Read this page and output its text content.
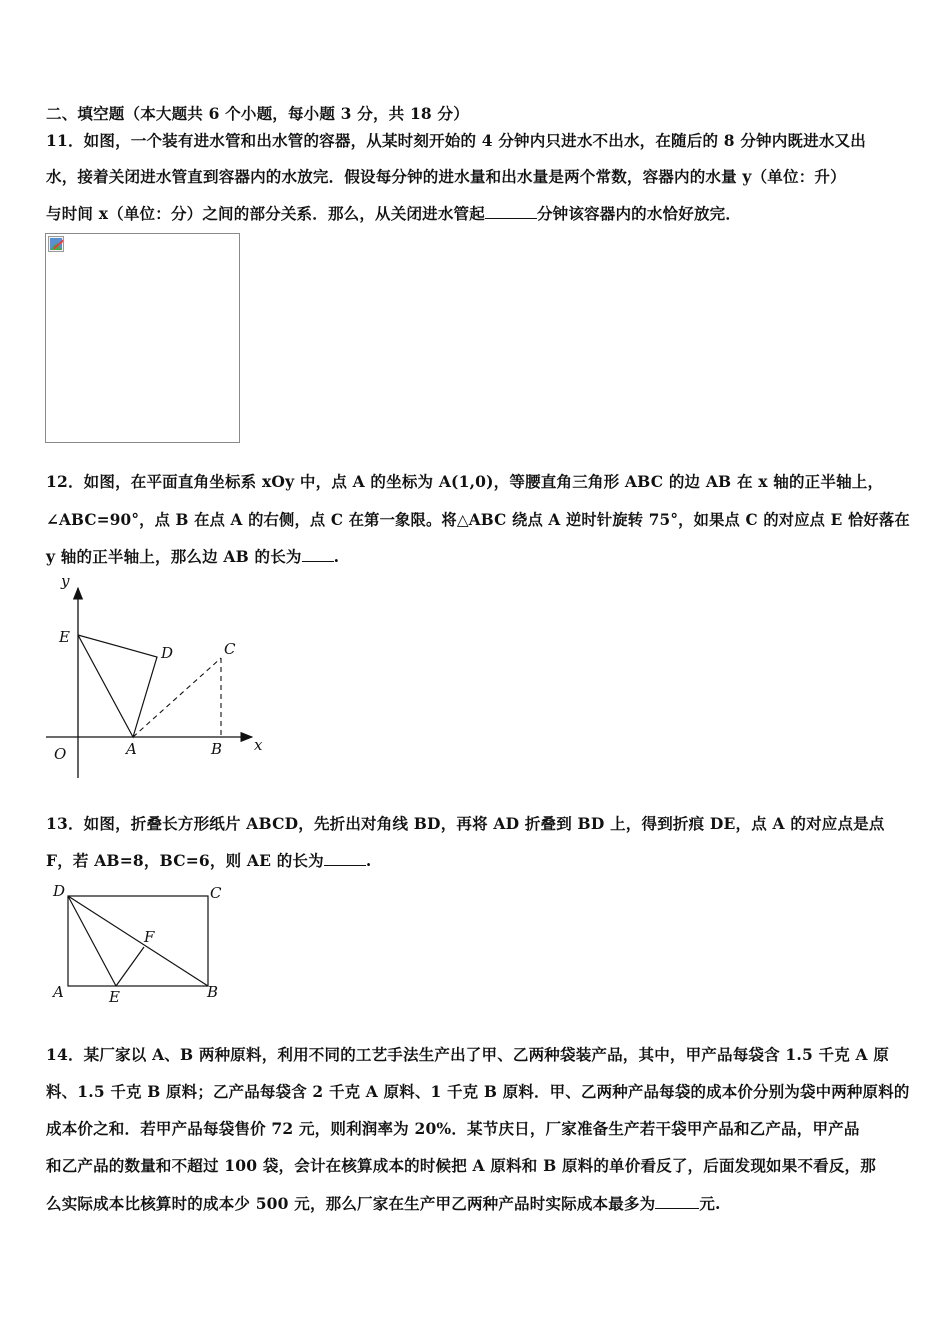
二、填空题（本大题共 6 个小题，每小题 3 分，共 18 分）
11．如图，一个装有进水管和出水管的容器，从某时刻开始的 4 分钟内只进水不出水，在随后的 8 分钟内既进水又出
水，接着关闭进水管直到容器内的水放完．假设每分钟的进水量和出水量是两个常数，容器内的水量 y（单位：升）
与时间 x（单位：分）之间的部分关系．那么，从关闭进水管起	分钟该容器内的水恰好放完．
12．如图，在平面直角坐标系 xOy 中，点 A 的坐标为 A(1,0)，等腰直角三角形 ABC 的边 AB 在 x 轴的正半轴上，
∠ABC=90°，点 B 在点 A 的右侧，点 C 在第一象限。将△ABC 绕点 A 逆时针旋转 75°，如果点 C 的对应点 E 恰好落在
y 轴的正半轴上，那么边 AB 的长为 .
y
x
O
E
D	C
A	B
13．如图，折叠长方形纸片 ABCD，先折出对角线 BD，再将 AD 折叠到 BD 上，得到折痕 DE，点 A 的对应点是点
F，若 AB=8，BC=6，则 AE 的长为	.
D	C
F
A	E	B
14．某厂家以 A、B 两种原料，利用不同的工艺手法生产出了甲、乙两种袋装产品，其中，甲产品每袋含 1.5 千克 A 原
料、1.5 千克 B 原料；乙产品每袋含 2 千克 A 原料、1 千克 B 原料．甲、乙两种产品每袋的成本价分别为袋中两种原料的
成本价之和．若甲产品每袋售价 72 元，则利润率为 20%．某节庆日，厂家准备生产若干袋甲产品和乙产品，甲产品
和乙产品的数量和不超过 100 袋，会计在核算成本的时候把 A 原料和 B 原料的单价看反了，后面发现如果不看反，那
么实际成本比核算时的成本少 500 元，那么厂家在生产甲乙两种产品时实际成本最多为	元.
